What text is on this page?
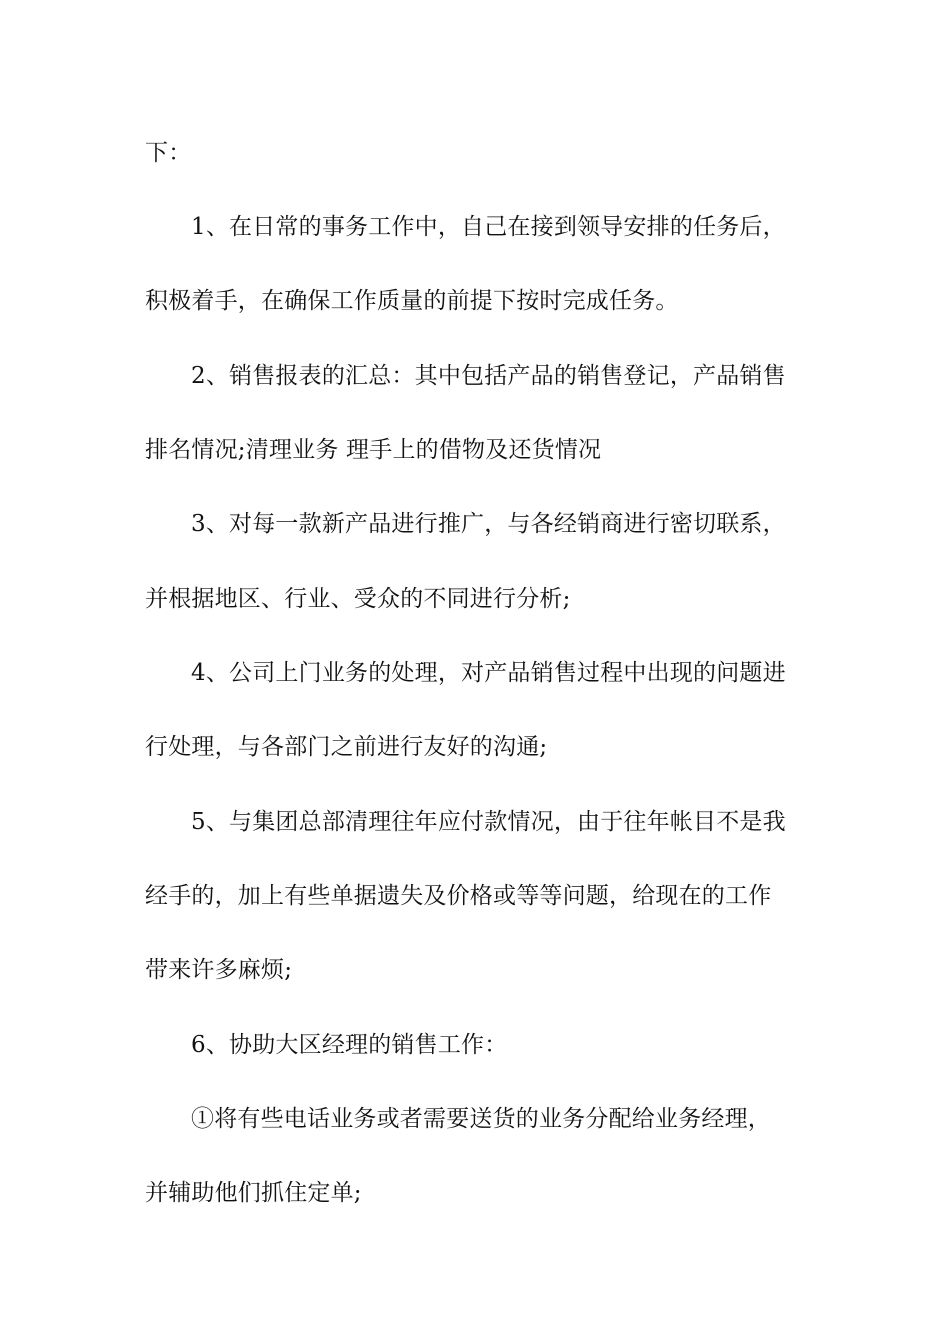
下：
1、在日常的事务工作中，自己在接到领导安排的任务后，
积极着手，在确保工作质量的前提下按时完成任务。
2、销售报表的汇总：其中包括产品的销售登记，产品销售
排名情况;清理业务 理手上的借物及还货情况
3、对每一款新产品进行推广，与各经销商进行密切联系，
并根据地区、行业、受众的不同进行分析;
4、公司上门业务的处理，对产品销售过程中出现的问题进
行处理，与各部门之前进行友好的沟通;
5、与集团总部清理往年应付款情况，由于往年帐目不是我
经手的，加上有些单据遗失及价格或等等问题，给现在的工作
带来许多麻烦;
6、协助大区经理的销售工作：
①将有些电话业务或者需要送货的业务分配给业务经理，
并辅助他们抓住定单;
